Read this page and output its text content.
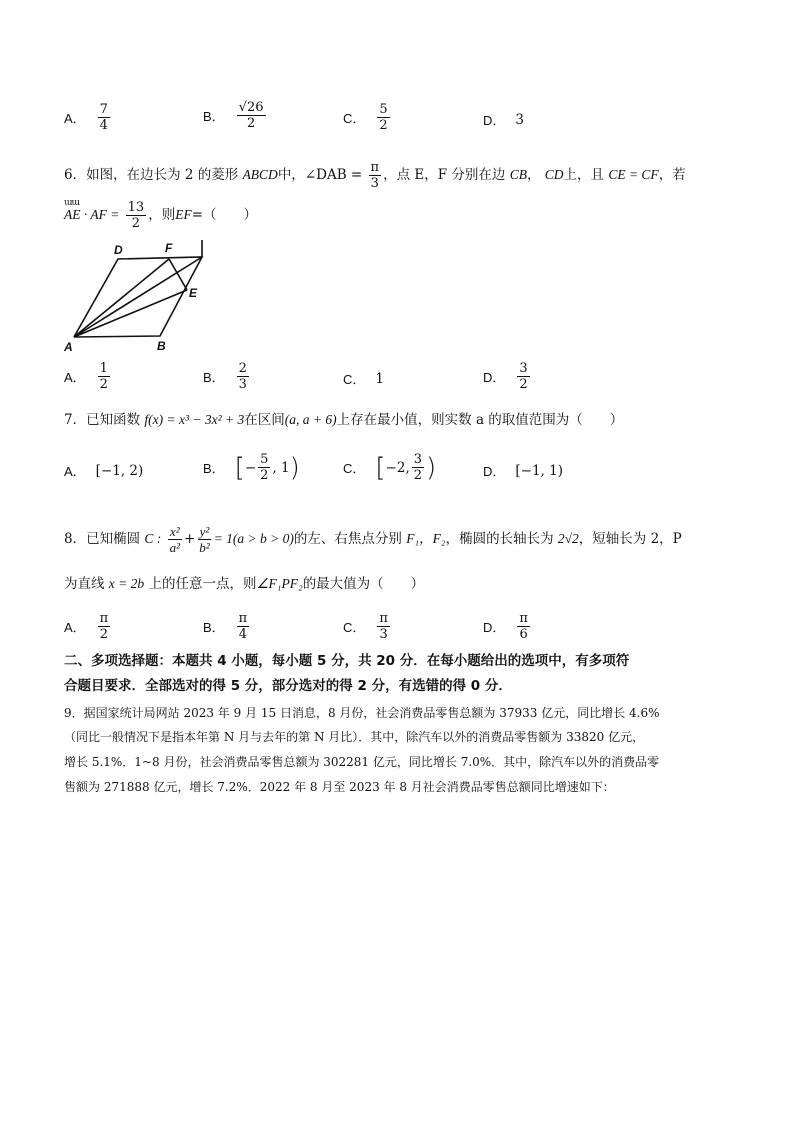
A． $\frac{7}{4}$	B． $\frac{√26}{2}$	C． $\frac{5}{2}$	D． 3
6．如图，在边长为 2 的菱形 ABCD中，∠DAB = $\frac{\pi}{3}$ ，点 E，F 分别在边 CB， CD上，且 CE = CF，若
ɯɯ
AE · AF = $\frac{13}{2}$ ，则EF=（　　）
D	F
E
A	B
A． $\frac{1}{2}$	B． $\frac{2}{3}$	C． 1	D． $\frac{3}{2}$
7．已知函数 f(x) = x³ − 3x² + 3在区间(a, a + 6)上存在最小值，则实数 a 的取值范围为（　　）
A． [−1, 2)	B． [ − $\frac{5}{2}$ , 1 )	C． [ −2, $\frac{3}{2}$ )	D． [−1, 1)
8．已知椭圆 C : $\frac{\text{x²}}{\text{a²}} + \frac{\text{y²}}{\text{b²}} = 1(a > b > 0)$的左、右焦点分别 F₁，F₂，椭圆的长轴长为 2√2，短轴长为 2，P
为直线 x = 2b 上的任意一点，则∠F₁PF₂的最大值为（　　）
A． $\frac{\pi}{2}$	B． $\frac{\pi}{4}$	C． $\frac{\pi}{3}$	D． $\frac{\pi}{6}$
二、多项选择题：本题共 4 小题，每小题 5 分，共 20 分．在每小题给出的选项中，有多项符
合题目要求．全部选对的得 5 分，部分选对的得 2 分，有选错的得 0 分．
9．据国家统计局网站 2023 年 9 月 15 日消息，8 月份，社会消费品零售总额为 37933 亿元，同比增长 4.6%
（同比一般情况下是指本年第 N 月与去年的第 N 月比）．其中，除汽车以外的消费品零售额为 33820 亿元，
增长 5.1%．1~8 月份，社会消费品零售总额为 302281 亿元，同比增长 7.0%．其中，除汽车以外的消费品零
售额为 271888 亿元，增长 7.2%．2022 年 8 月至 2023 年 8 月社会消费品零售总额同比增速如下：
